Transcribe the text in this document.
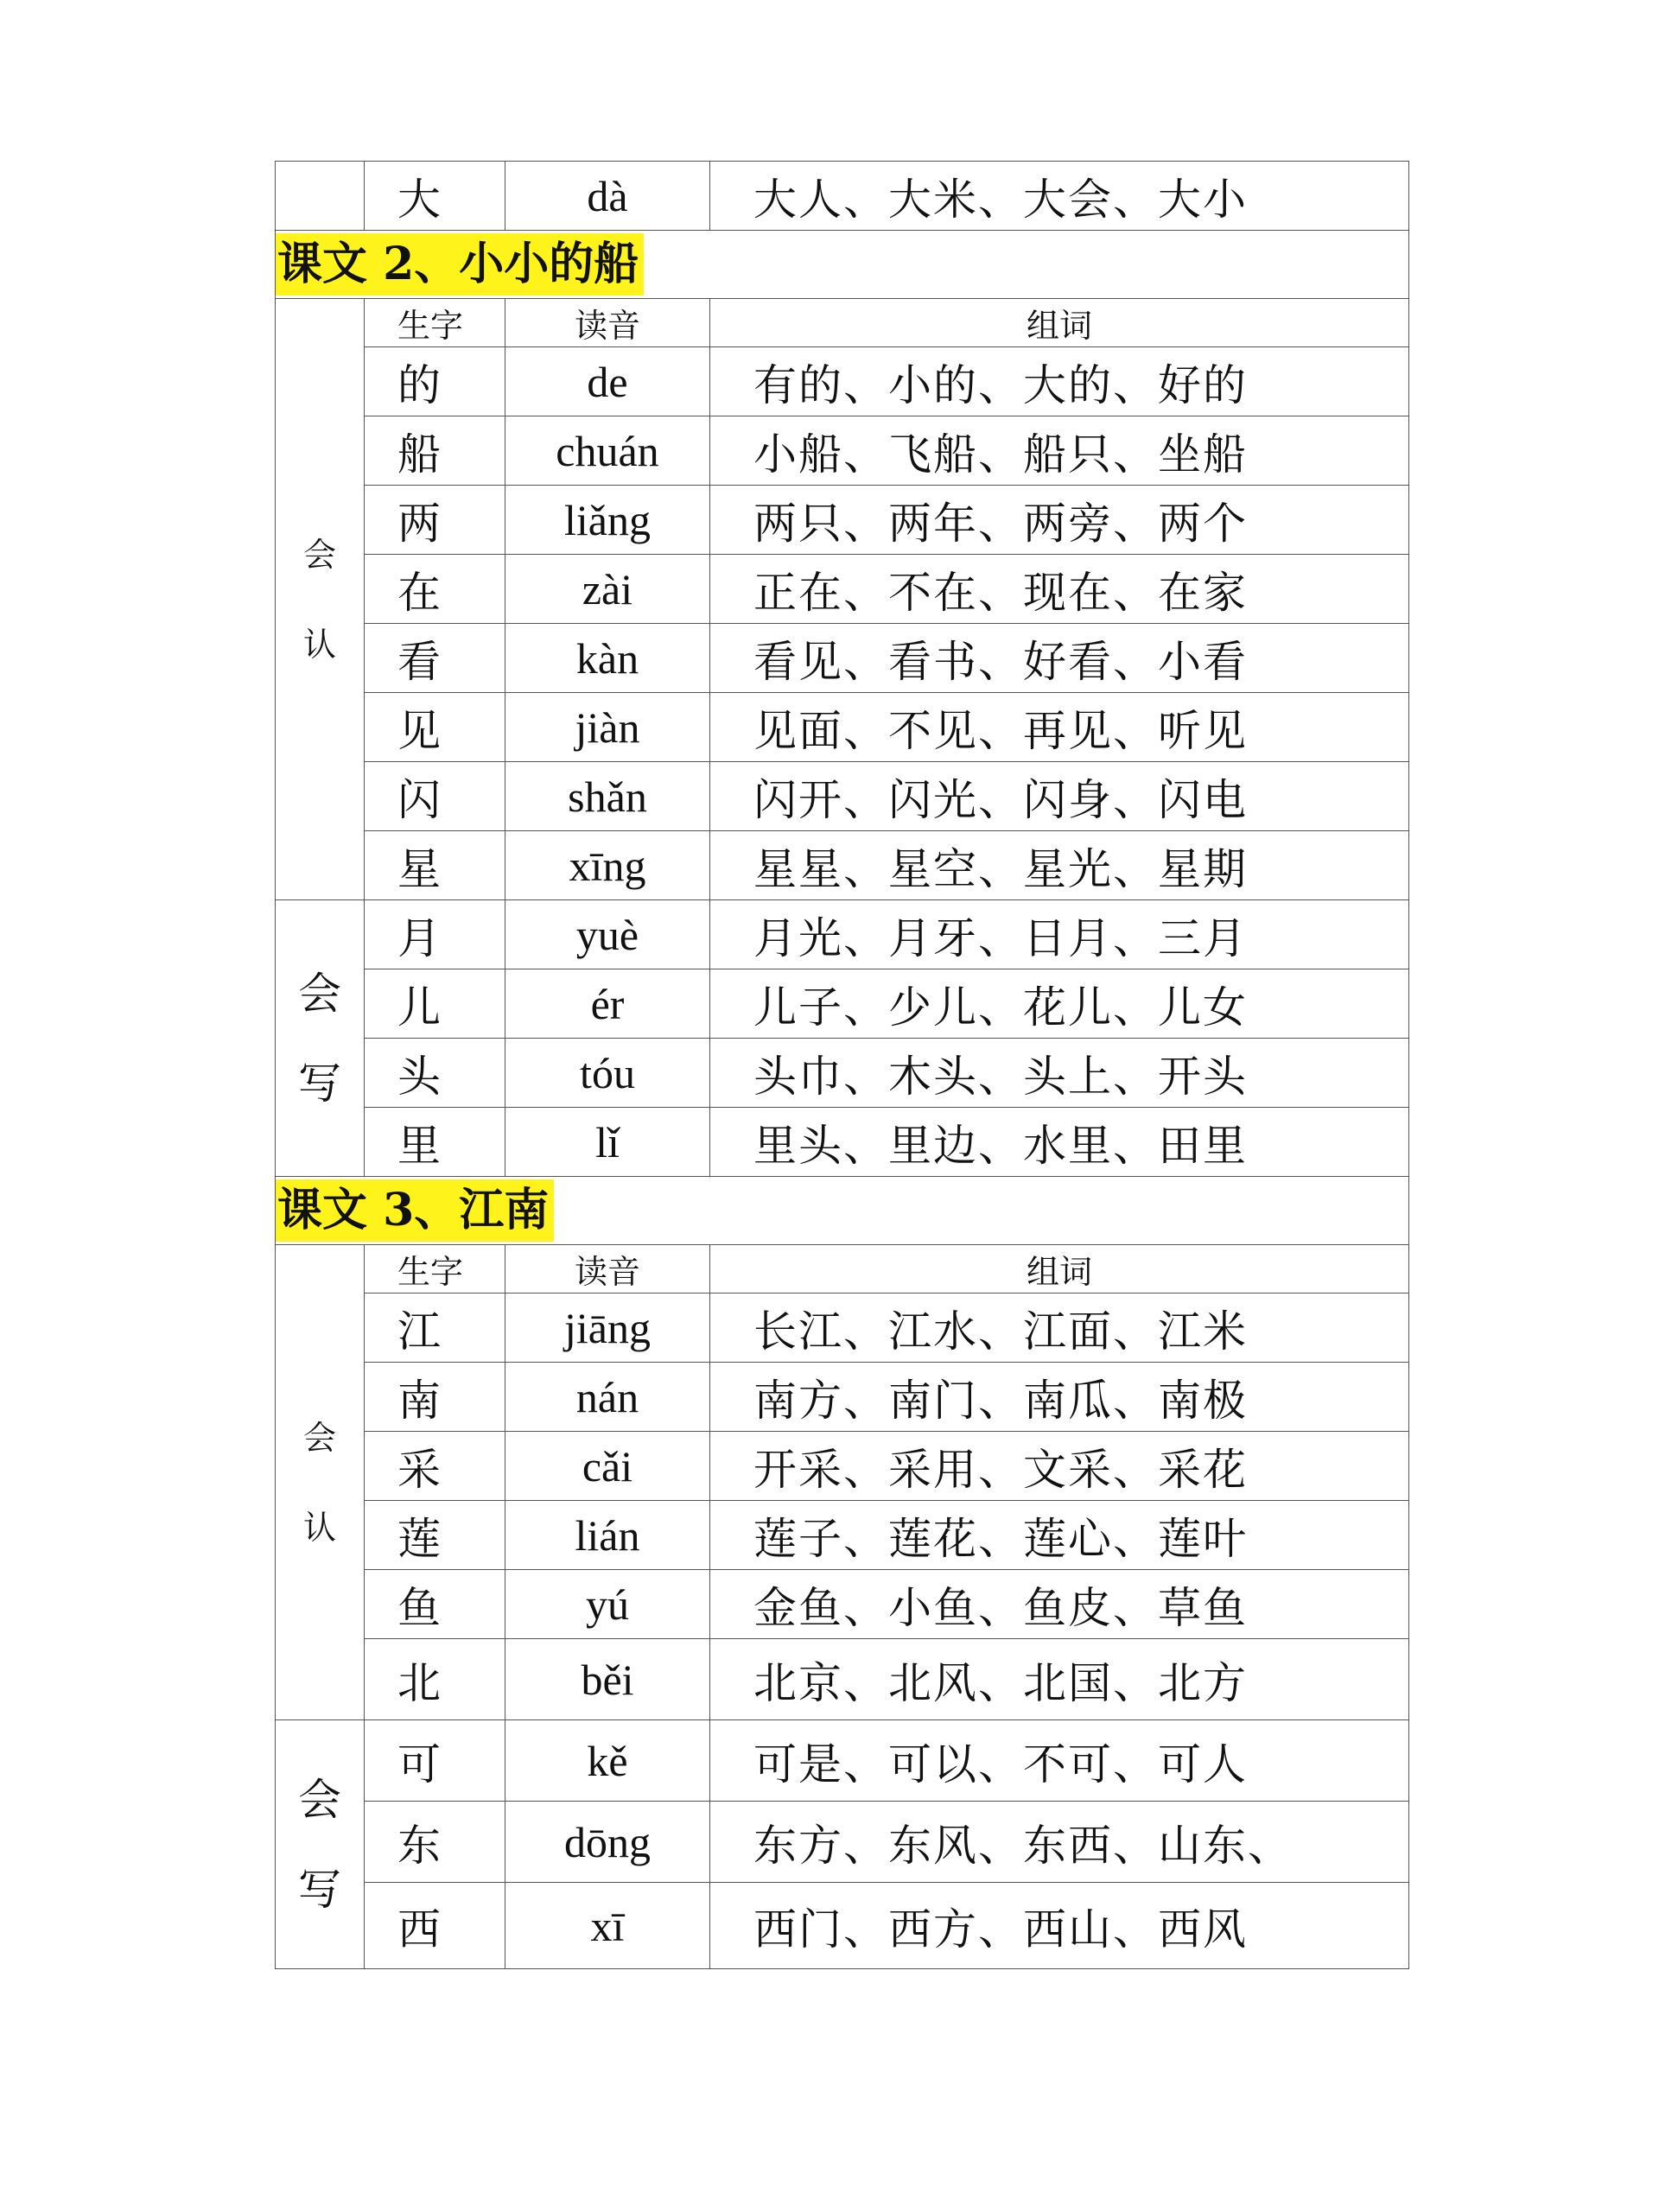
	大	dà	大人、大米、大会、大小
课文 2、小小的船			

会
认	生字	读音	组词
	的	de	有的、小的、大的、好的
	船	chuán	小船、飞船、船只、坐船
	两	liǎng	两只、两年、两旁、两个
	在	zài	正在、不在、现在、在家
	看	kàn	看见、看书、好看、小看
	见	jiàn	见面、不见、再见、听见
	闪	shǎn	闪开、闪光、闪身、闪电
	星	xīng	星星、星空、星光、星期

会
写	月	yuè	月光、月牙、日月、三月
	儿	ér	儿子、少儿、花儿、儿女
	头	tóu	头巾、木头、头上、开头
	里	lǐ	里头、里边、水里、田里
课文 3、江南			

会
认	生字	读音	组词
	江	jiāng	长江、江水、江面、江米
	南	nán	南方、南门、南瓜、南极
	采	cǎi	开采、采用、文采、采花
	莲	lián	莲子、莲花、莲心、莲叶
	鱼	yú	金鱼、小鱼、鱼皮、草鱼
	北	běi	北京、北风、北国、北方

会
写	可	kě	可是、可以、不可、可人
	东	dōng	东方、东风、东西、山东、
	西	xī	西门、西方、西山、西风
